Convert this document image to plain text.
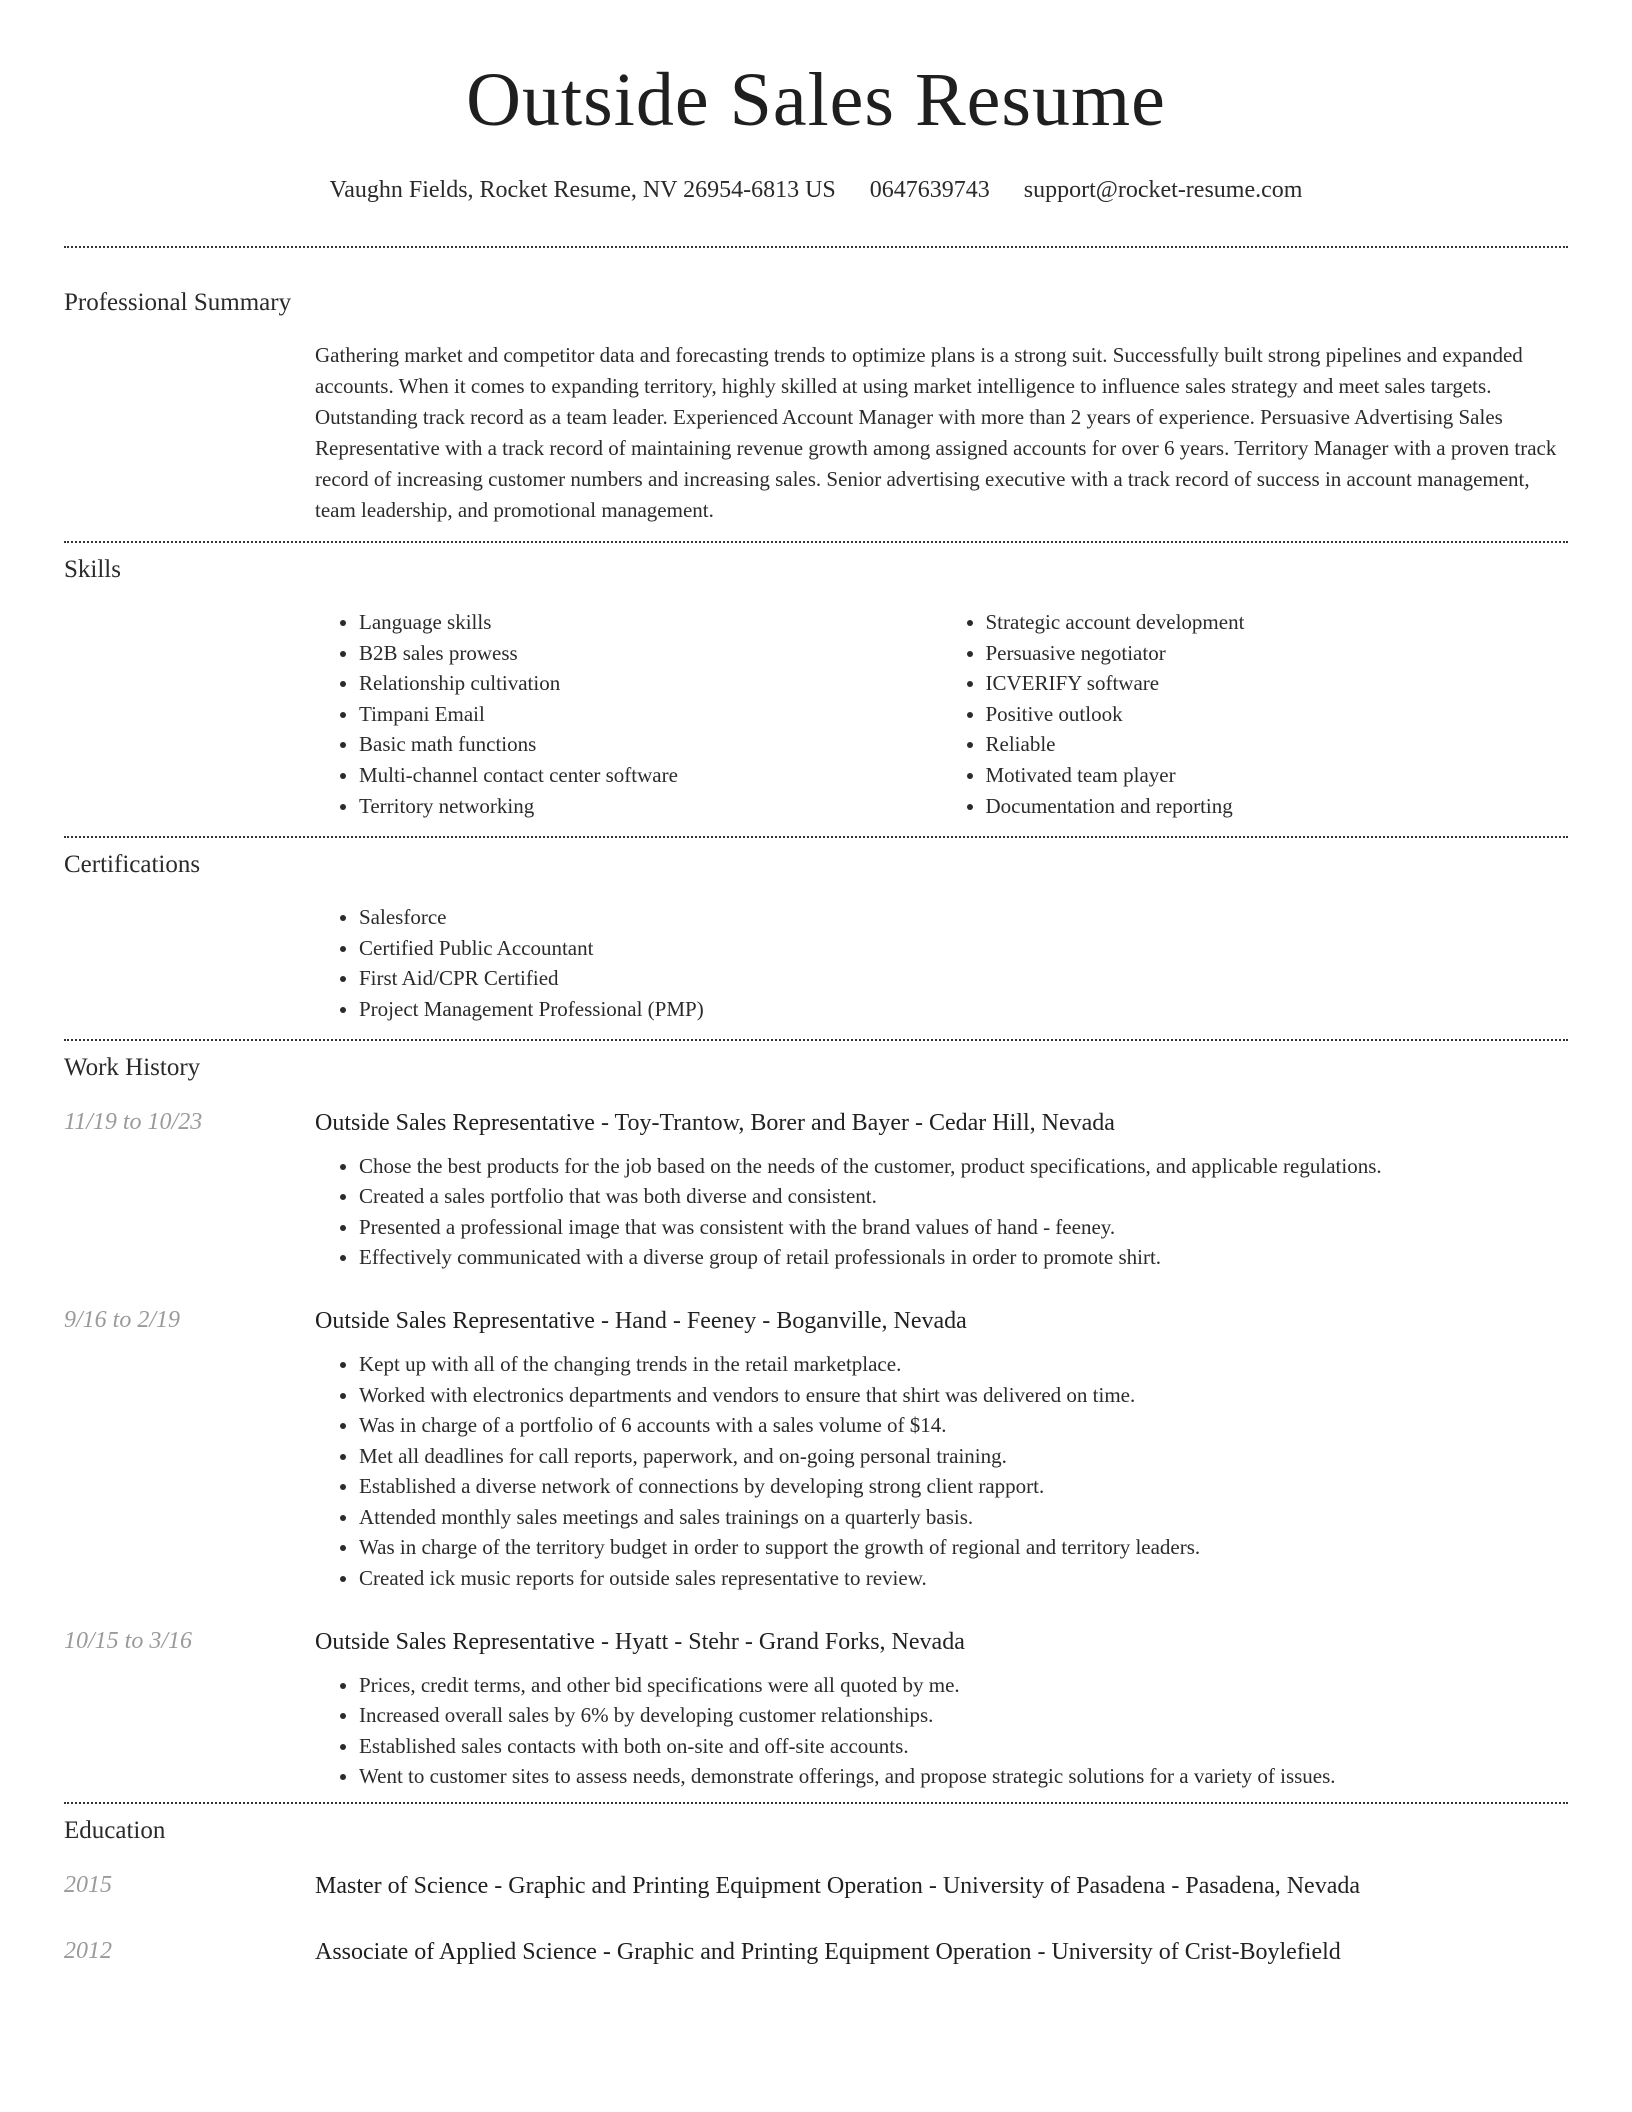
Outside Sales Resume
Vaughn Fields, Rocket Resume, NV 26954-6813 US 0647639743 support@rocket-resume.com
Professional Summary
Gathering market and competitor data and forecasting trends to optimize plans is a strong suit. Successfully built strong pipelines and expanded accounts. When it comes to expanding territory, highly skilled at using market intelligence to influence sales strategy and meet sales targets. Outstanding track record as a team leader. Experienced Account Manager with more than 2 years of experience. Persuasive Advertising Sales Representative with a track record of maintaining revenue growth among assigned accounts for over 6 years. Territory Manager with a proven track record of increasing customer numbers and increasing sales. Senior advertising executive with a track record of success in account management, team leadership, and promotional management.
Skills
• Language skills
• B2B sales prowess
• Relationship cultivation
• Timpani Email
• Basic math functions
• Multi-channel contact center software
• Territory networking
• Strategic account development
• Persuasive negotiator
• ICVERIFY software
• Positive outlook
• Reliable
• Motivated team player
• Documentation and reporting
Certifications
• Salesforce
• Certified Public Accountant
• First Aid/CPR Certified
• Project Management Professional (PMP)
Work History
11/19 to 10/23	Outside Sales Representative - Toy-Trantow, Borer and Bayer - Cedar Hill, Nevada
• Chose the best products for the job based on the needs of the customer, product specifications, and applicable regulations.
• Created a sales portfolio that was both diverse and consistent.
• Presented a professional image that was consistent with the brand values of hand - feeney.
• Effectively communicated with a diverse group of retail professionals in order to promote shirt.
9/16 to 2/19	Outside Sales Representative - Hand - Feeney - Boganville, Nevada
• Kept up with all of the changing trends in the retail marketplace.
• Worked with electronics departments and vendors to ensure that shirt was delivered on time.
• Was in charge of a portfolio of 6 accounts with a sales volume of $14.
• Met all deadlines for call reports, paperwork, and on-going personal training.
• Established a diverse network of connections by developing strong client rapport.
• Attended monthly sales meetings and sales trainings on a quarterly basis.
• Was in charge of the territory budget in order to support the growth of regional and territory leaders.
• Created ick music reports for outside sales representative to review.
10/15 to 3/16	Outside Sales Representative - Hyatt - Stehr - Grand Forks, Nevada
• Prices, credit terms, and other bid specifications were all quoted by me.
• Increased overall sales by 6% by developing customer relationships.
• Established sales contacts with both on-site and off-site accounts.
• Went to customer sites to assess needs, demonstrate offerings, and propose strategic solutions for a variety of issues.
Education
2015	Master of Science - Graphic and Printing Equipment Operation - University of Pasadena - Pasadena, Nevada
2012	Associate of Applied Science - Graphic and Printing Equipment Operation - University of Crist-Boylefield
